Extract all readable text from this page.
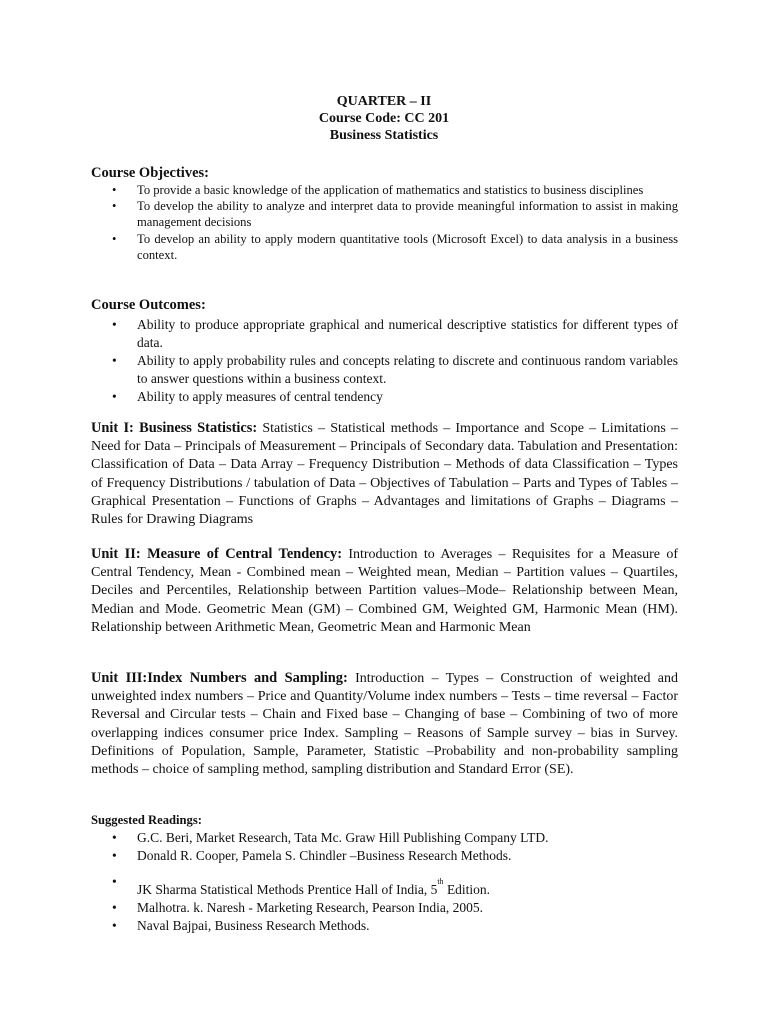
QUARTER – II
Course Code: CC 201
Business Statistics
Course Objectives:
• To provide a basic knowledge of the application of mathematics and statistics to business disciplines
• To develop the ability to analyze and interpret data to provide meaningful information to assist in making management decisions
• To develop an ability to apply modern quantitative tools (Microsoft Excel) to data analysis in a business context.
Course Outcomes:
• Ability to produce appropriate graphical and numerical descriptive statistics for different types of data.
• Ability to apply probability rules and concepts relating to discrete and continuous random variables to answer questions within a business context.
• Ability to apply measures of central tendency

Unit I: Business Statistics: Statistics – Statistical methods – Importance and Scope – Limitations – Need for Data – Principals of Measurement – Principals of Secondary data. Tabulation and Presentation: Classification of Data – Data Array – Frequency Distribution – Methods of data Classification – Types of Frequency Distributions / tabulation of Data – Objectives of Tabulation – Parts and Types of Tables – Graphical Presentation – Functions of Graphs – Advantages and limitations of Graphs – Diagrams – Rules for Drawing Diagrams

Unit II: Measure of Central Tendency: Introduction to Averages – Requisites for a Measure of Central Tendency, Mean - Combined mean – Weighted mean, Median – Partition values – Quartiles, Deciles and Percentiles, Relationship between Partition values–Mode– Relationship between Mean, Median and Mode. Geometric Mean (GM) – Combined GM, Weighted GM, Harmonic Mean (HM). Relationship between Arithmetic Mean, Geometric Mean and Harmonic Mean

Unit III:Index Numbers and Sampling: Introduction – Types – Construction of weighted and unweighted index numbers – Price and Quantity/Volume index numbers – Tests – time reversal – Factor Reversal and Circular tests – Chain and Fixed base – Changing of base – Combining of two of more overlapping indices consumer price Index. Sampling – Reasons of Sample survey – bias in Survey. Definitions of Population, Sample, Parameter, Statistic –Probability and non-probability sampling methods – choice of sampling method, sampling distribution and Standard Error (SE).

Suggested Readings:
• G.C. Beri, Market Research, Tata Mc. Graw Hill Publishing Company LTD.
• Donald R. Cooper, Pamela S. Chindler –Business Research Methods.
• JK Sharma Statistical Methods Prentice Hall of India, 5th Edition.
• Malhotra. k. Naresh - Marketing Research, Pearson India, 2005.
• Naval Bajpai, Business Research Methods.
